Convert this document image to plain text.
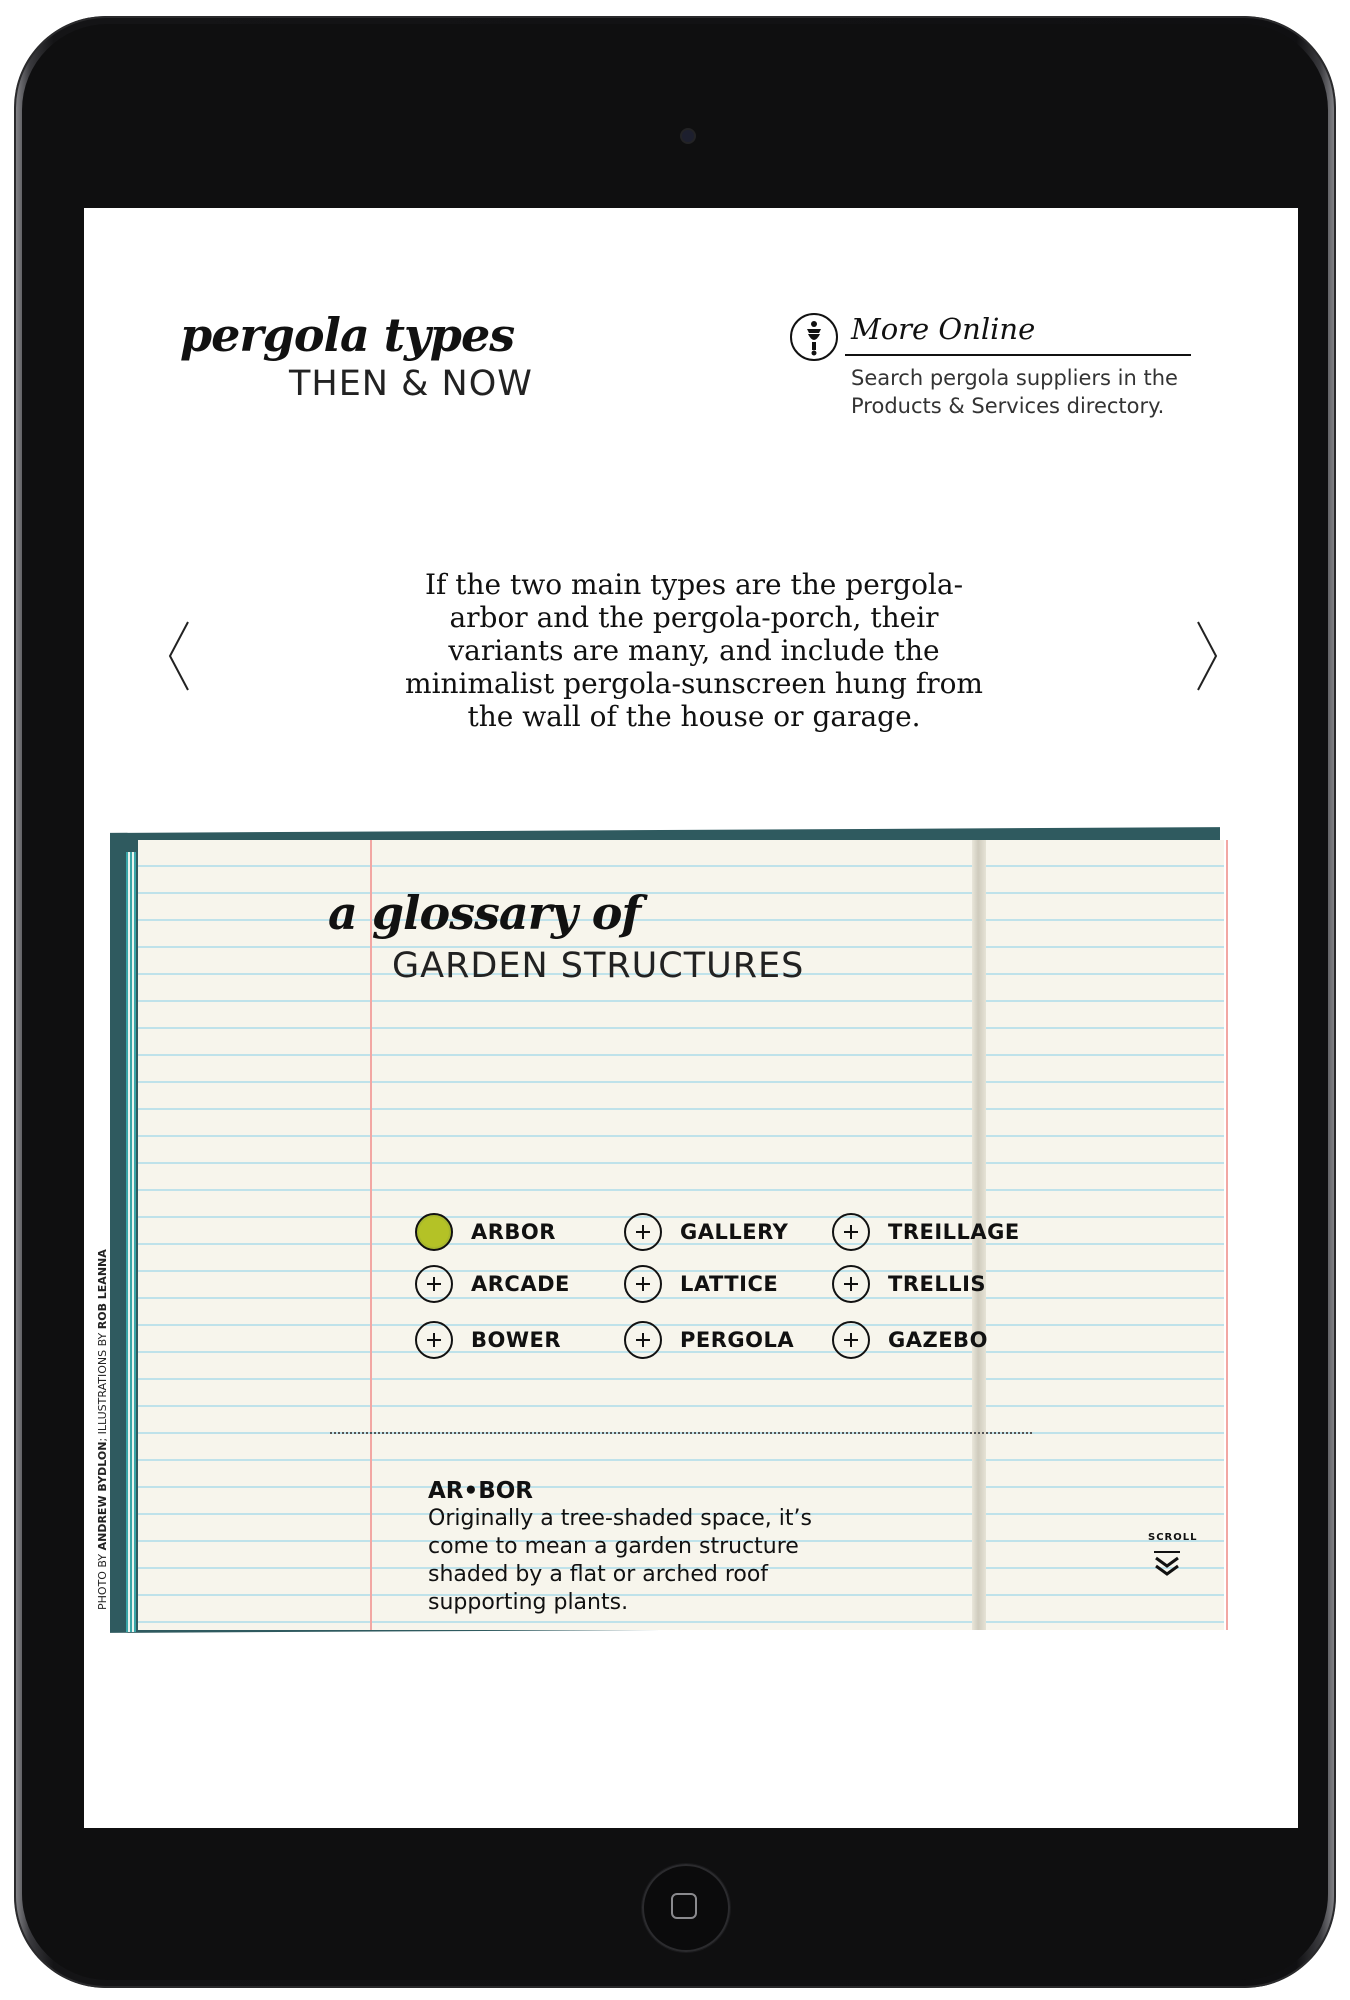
pergola types
THEN & NOW
More Online
Search pergola suppliers in the Products & Services directory.
If the two main types are the pergola-arbor and the pergola-porch, their variants are many, and include the minimalist pergola-sunscreen hung from the wall of the house or garage.
PHOTO BY ANDREW BYDLON; ILLUSTRATIONS BY ROB LEANNA
a glossary of
GARDEN STRUCTURES
ARBOR	GALLERY	TREILLAGE
ARCADE	LATTICE	TRELLIS
BOWER	PERGOLA	GAZEBO
AR•BOR
Originally a tree-shaded space, it’s come to mean a garden structure shaded by a flat or arched roof supporting plants.
SCROLL
